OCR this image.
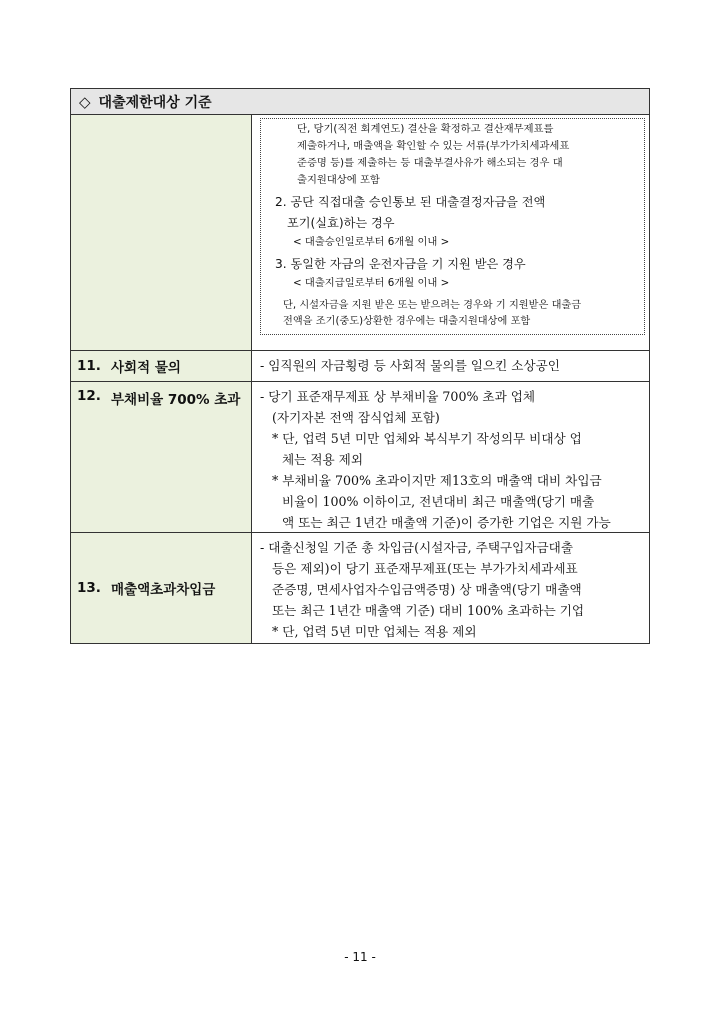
◇ 대출제한대상 기준
단, 당기(직전 회계연도) 결산을 확정하고 결산재무제표를
제출하거나, 매출액을 확인할 수 있는 서류(부가가치세과세표
준증명 등)를 제출하는 등 대출부결사유가 해소되는 경우 대
출지원대상에 포함
2. 공단 직접대출 승인통보 된 대출결정자금을 전액
포기(실효)하는 경우
< 대출승인일로부터 6개월 이내 >
3. 동일한 자금의 운전자금을 기 지원 받은 경우
< 대출지급일로부터 6개월 이내 >
단, 시설자금을 지원 받은 또는 받으려는 경우와 기 지원받은 대출금
전액을 조기(중도)상환한 경우에는 대출지원대상에 포함
11. 사회적 물의	- 임직원의 자금횡령 등 사회적 물의를 일으킨 소상공인
12. 부채비율 700% 초과 - 당기 표준재무제표 상 부채비율 700% 초과 업체
(자기자본 전액 잠식업체 포함)
* 단, 업력 5년 미만 업체와 복식부기 작성의무 비대상 업
체는 적용 제외
* 부채비율 700% 초과이지만 제13호의 매출액 대비 차입금
비율이 100% 이하이고, 전년대비 최근 매출액(당기 매출
액 또는 최근 1년간 매출액 기준)이 증가한 기업은 지원 가능
13. 매출액초과차입금
- 대출신청일 기준 총 차입금(시설자금, 주택구입자금대출
등은 제외)이 당기 표준재무제표(또는 부가가치세과세표
준증명, 면세사업자수입금액증명) 상 매출액(당기 매출액
또는 최근 1년간 매출액 기준) 대비 100% 초과하는 기업
* 단, 업력 5년 미만 업체는 적용 제외
- 11 -
